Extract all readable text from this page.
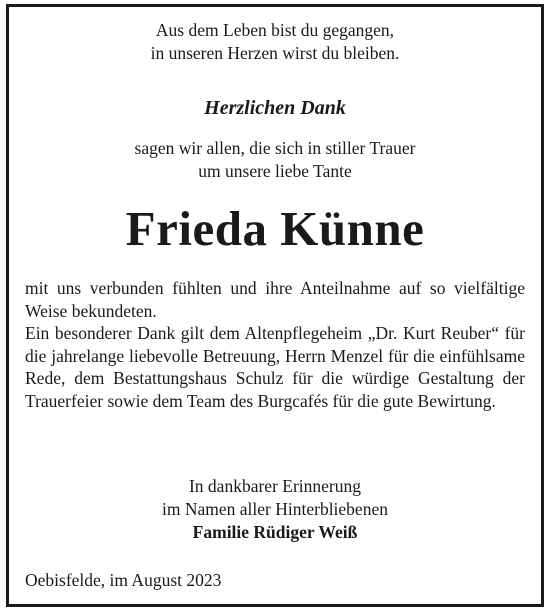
Aus dem Leben bist du gegangen,
in unseren Herzen wirst du bleiben.
Herzlichen Dank
sagen wir allen, die sich in stiller Trauer
um unsere liebe Tante
Frieda Künne

mit uns verbunden fühlten und ihre Anteilnahme auf so vielfältige Weise bekundeten.

Ein besonderer Dank gilt dem Altenpflegeheim „Dr. Kurt Reuber“ für die jahrelange liebevolle Betreuung, Herrn Menzel für die einfühlsame Rede, dem Bestattungshaus Schulz für die würdige Gestaltung der Trauerfeier sowie dem Team des Burgcafés für die gute Bewirtung.

In dankbarer Erinnerung
im Namen aller Hinterbliebenen
Familie Rüdiger Weiß
Oebisfelde, im August 2023
